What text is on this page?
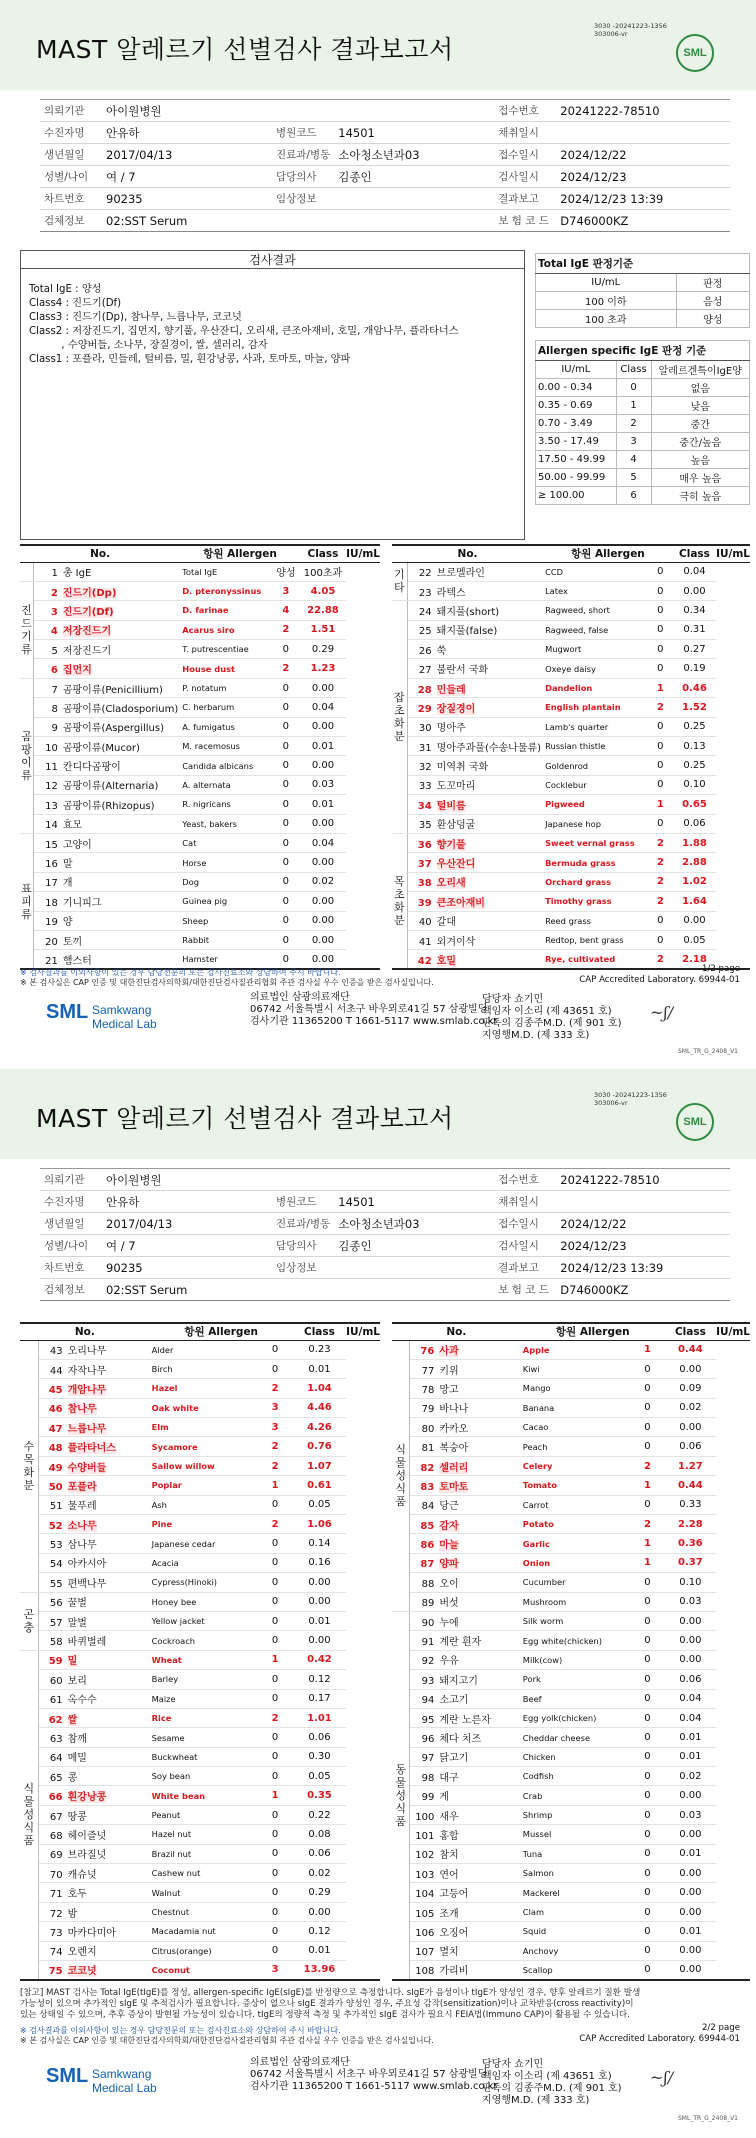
MAST 알레르기 선별검사 결과보고서
3030 -20241223-1356
303006-vr
SML
의뢰기관	아이원병원			접수번호	20241222-78510
수진자명	안유하	병원코드	14501	채취일시	
생년월일	2017/04/13	진료과/병동	소아청소년과03	접수일시	2024/12/22
성별/나이	여 / 7	담당의사	김종인	검사일시	2024/12/23
차트번호	90235	임상정보		결과보고	2024/12/23 13:39
검체정보	02:SST Serum			보 험 코 드	D746000KZ
검사결과
Total IgE : 양성
Class4 : 진드기(Df)
Class3 : 진드기(Dp), 참나무, 느릅나무, 코코넛
Class2 : 저장진드기, 집먼지, 향기풀, 우산잔디, 오리새, 큰조아재비, 호밀, 개암나무, 플라타너스
, 수양버들, 소나무, 장질경이, 쌀, 셀러리, 감자
Class1 : 포플라, 민들레, 털비름, 밀, 흰강낭콩, 사과, 토마토, 마늘, 양파
Total IgE 판정기준	
IU/mL	판정
100 이하	음성
100 초과	양성
Allergen specific IgE 판정 기준		
IU/mL	Class	알레르겐특이IgE양
0.00 - 0.34	0	없음
0.35 - 0.69	1	낮음
0.70 - 3.49	2	중간
3.50 - 17.49	3	중간/높음
17.50 - 49.99	4	높음
50.00 - 99.99	5	매우 높음
≥ 100.00	6	극히 높음
No.		항원 Allergen		Class	IU/mL
	1 총 IgE	Total IgE	양성	100초과	
진드기류	2 진드기(Dp)	D. pteronyssinus	3	4.05	
	3 진드기(Df)	D. farinae	4	22.88	
	4 저장진드기	Acarus siro	2	1.51	
	5 저장진드기	T. putrescentiae	0	0.29	
	6 집먼지	House dust	2	1.23	
곰팡이류	7 곰팡이류(Penicillium)	P. notatum	0	0.00	
	8 곰팡이류(Cladosporium)	C. herbarum	0	0.04	
	9 곰팡이류(Aspergillus)	A. fumigatus	0	0.00	
	10 곰팡이류(Mucor)	M. racemosus	0	0.01	
	11 칸디다곰팡이	Candida albicans	0	0.00	
	12 곰팡이류(Alternaria)	A. alternata	0	0.03	
	13 곰팡이류(Rhizopus)	R. nigricans	0	0.01	
	14 효모	Yeast, bakers	0	0.00	
표피류	15 고양이	Cat	0	0.04	
	16 말	Horse	0	0.00	
	17 개	Dog	0	0.02	
	18 기니피그	Guinea pig	0	0.00	
	19 양	Sheep	0	0.00	
	20 토끼	Rabbit	0	0.00	
	21 햄스터	Hamster	0	0.00	
No.		항원 Allergen		Class	IU/mL
기타	22 브로멜라인	CCD	0	0.04	
	23 라텍스	Latex	0	0.00	
잡초화분	24 돼지풀(short)	Ragweed, short	0	0.34	
	25 돼지풀(false)	Ragweed, false	0	0.31	
	26 쑥	Mugwort	0	0.27	
	27 불란서 국화	Oxeye daisy	0	0.19	
	28 민들레	Dandelion	1	0.46	
	29 장질경이	English plantain	2	1.52	
	30 명아주	Lamb's quarter	0	0.25	
	31 명아주과풀(수송나물류)	Russian thistle	0	0.13	
	32 미역취 국화	Goldenrod	0	0.25	
	33 도꼬마리	Cocklebur	0	0.10	
	34 털비름	Pigweed	1	0.65	
	35 환삼덩굴	Japanese hop	0	0.06	
목초화분	36 향기풀	Sweet vernal grass	2	1.88	
	37 우산잔디	Bermuda grass	2	2.88	
	38 오리새	Orchard grass	2	1.02	
	39 큰조아재비	Timothy grass	2	1.64	
	40 갈대	Reed grass	0	0.00	
	41 외겨이삭	Redtop, bent grass	0	0.05	
	42 호밀	Rye, cultivated	2	2.18	
※ 검사결과를 이외사항이 있는 경우 담당전문의 또는 검사진료소와 상담하여 주시 바랍니다.
※ 본 검사실은 CAP 인증 및 대한진단검사의학회/대한진단검사질관리협회 주관 검사실 우수 인증을 받은 검사실입니다.
1/2 page
CAP Accredited Laboratory. 69944-01
SML Samkwang
Medical Lab
의료법인 삼광의료재단
06742 서울특별시 서초구 바우뫼로41길 57 삼광빌딩
검사기관 11365200 T 1661-5117 www.smlab.co.kr
담당자 쇼기민
책임자 이소리 (제 43651 호)
판독의 김종주M.D. (제 901 호)
지영행M.D. (제 333 호)
~ʃ/
SML_TR_G_2408_V1
MAST 알레르기 선별검사 결과보고서
3030 -20241223-1356
303006-vr
SML
의뢰기관	아이원병원			접수번호	20241222-78510
수진자명	안유하	병원코드	14501	채취일시	
생년월일	2017/04/13	진료과/병동	소아청소년과03	접수일시	2024/12/22
성별/나이	여 / 7	담당의사	김종인	검사일시	2024/12/23
차트번호	90235	임상정보		결과보고	2024/12/23 13:39
검체정보	02:SST Serum			보 험 코 드	D746000KZ
No.		항원 Allergen		Class	IU/mL
수목화분	43 오리나무	Alder	0	0.23	
	44 자작나무	Birch	0	0.01	
	45 개암나무	Hazel	2	1.04	
	46 참나무	Oak white	3	4.46	
	47 느릅나무	Elm	3	4.26	
	48 플라타너스	Sycamore	2	0.76	
	49 수양버들	Sallow willow	2	1.07	
	50 포플라	Poplar	1	0.61	
	51 물푸레	Ash	0	0.05	
	52 소나무	Pine	2	1.06	
	53 삼나무	Japanese cedar	0	0.14	
	54 아카시아	Acacia	0	0.16	
	55 편백나무	Cypress(Hinoki)	0	0.00	
곤충	56 꿀벌	Honey bee	0	0.00	
	57 말벌	Yellow jacket	0	0.01	
	58 바퀴벌레	Cockroach	0	0.00	
식물성식품	59 밀	Wheat	1	0.42	
	60 보리	Barley	0	0.12	
	61 옥수수	Maize	0	0.17	
	62 쌀	Rice	2	1.01	
	63 참깨	Sesame	0	0.06	
	64 메밀	Buckwheat	0	0.30	
	65 콩	Soy bean	0	0.05	
	66 흰강낭콩	White bean	1	0.35	
	67 땅콩	Peanut	0	0.22	
	68 헤이즐넛	Hazel nut	0	0.08	
	69 브라질넛	Brazil nut	0	0.06	
	70 캐슈넛	Cashew nut	0	0.02	
	71 호두	Walnut	0	0.29	
	72 밤	Chestnut	0	0.00	
	73 마카다미아	Macadamia nut	0	0.12	
	74 오렌지	Citrus(orange)	0	0.01	
	75 코코넛	Coconut	3	13.96	
No.		항원 Allergen		Class	IU/mL
식물성식품	76 사과	Apple	1	0.44	
	77 키위	Kiwi	0	0.00	
	78 망고	Mango	0	0.09	
	79 바나나	Banana	0	0.02	
	80 카카오	Cacao	0	0.00	
	81 복숭아	Peach	0	0.06	
	82 셀러리	Celery	2	1.27	
	83 토마토	Tomato	1	0.44	
	84 당근	Carrot	0	0.33	
	85 감자	Potato	2	2.28	
	86 마늘	Garlic	1	0.36	
	87 양파	Onion	1	0.37	
	88 오이	Cucumber	0	0.10	
	89 버섯	Mushroom	0	0.03	
동물성식품	90 누에	Silk worm	0	0.00	
	91 계란 흰자	Egg white(chicken)	0	0.00	
	92 우유	Milk(cow)	0	0.00	
	93 돼지고기	Pork	0	0.06	
	94 소고기	Beef	0	0.04	
	95 계란 노른자	Egg yolk(chicken)	0	0.04	
	96 체다 치즈	Cheddar cheese	0	0.01	
	97 닭고기	Chicken	0	0.01	
	98 대구	Codfish	0	0.02	
	99 게	Crab	0	0.00	
	100 새우	Shrimp	0	0.03	
	101 홍합	Mussel	0	0.00	
	102 참치	Tuna	0	0.01	
	103 연어	Salmon	0	0.00	
	104 고등어	Mackerel	0	0.00	
	105 조개	Clam	0	0.00	
	106 오징어	Squid	0	0.01	
	107 멸치	Anchovy	0	0.00	
	108 가리비	Scallop	0	0.00	
[참고] MAST 검사는 Total IgE(tIgE)를 정성, allergen-specific IgE(sIgE)를 반정량으로 측정합니다. sIgE가 음성이나 tIgE가 양성인 경우, 향후 알레르기 질환 발생
가능성이 있으며 추가적인 sIgE 및 추적검사가 필요합니다. 증상이 없으나 sIgE 결과가 양성인 경우, 주요성 감작(sensitization)이나 교차반응(cross reactivity)이
있는 상태일 수 있으며, 추후 증상이 발현될 가능성이 있습니다. tIgE의 정량적 측정 및 추가적인 sIgE 검사가 필요시 FEIA법(Immuno CAP)이 활용될 수 있습니다.
※ 검사결과를 이외사항이 있는 경우 담당전문의 또는 검사진료소와 상담하여 주시 바랍니다.
※ 본 검사실은 CAP 인증 및 대한진단검사의학회/대한진단검사질관리협회 주관 검사실 우수 인증을 받은 검사실입니다.
2/2 page
CAP Accredited Laboratory. 69944-01
SML Samkwang
Medical Lab
의료법인 삼광의료재단
06742 서울특별시 서초구 바우뫼로41길 57 삼광빌딩
검사기관 11365200 T 1661-5117 www.smlab.co.kr
담당자 쇼기민
책임자 이소리 (제 43651 호)
판독의 김종주M.D. (제 901 호)
지영행M.D. (제 333 호)
~ʃ/
SML_TR_G_2408_V1
